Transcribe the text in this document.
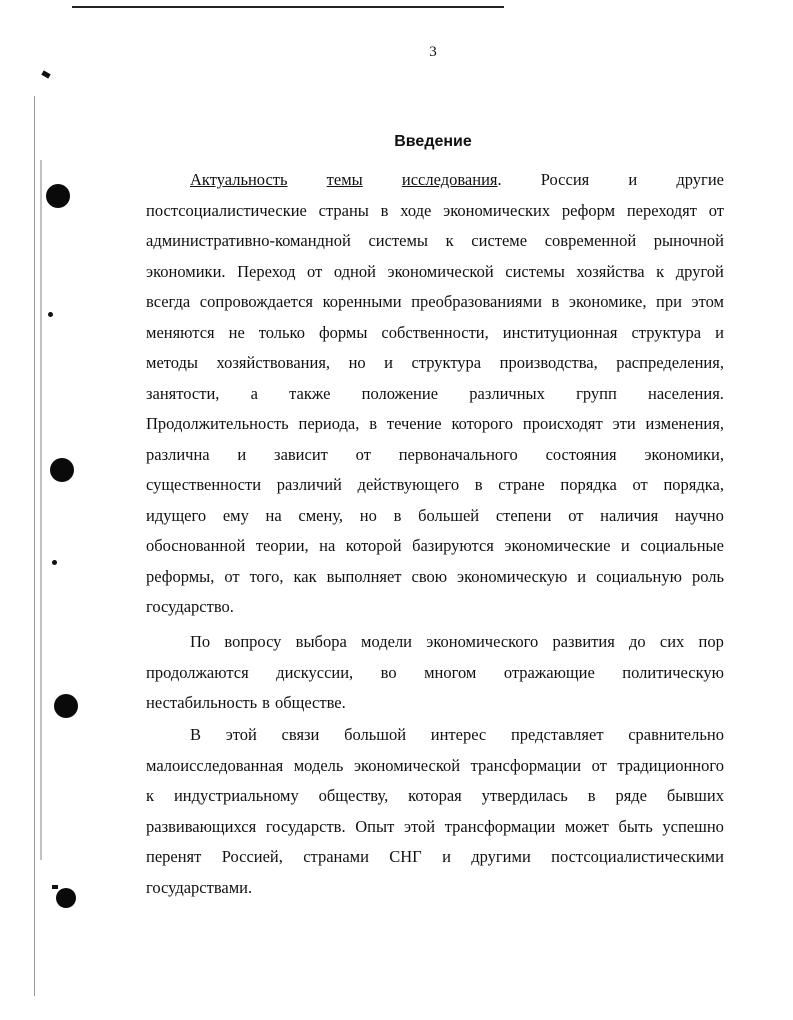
3
Введение
Актуальность темы исследования. Россия и другие
постсоциалистические страны в ходе экономических реформ переходят от
административно-командной системы к системе современной рыночной
экономики. Переход от одной экономической системы хозяйства к другой
всегда сопровождается коренными преобразованиями в экономике, при этом
меняются не только формы собственности, институционная структура и
методы хозяйствования, но и структура производства, распределения,
занятости, а также положение различных групп населения.
Продолжительность периода, в течение которого происходят эти изменения,
различна и зависит от первоначального состояния экономики,
существенности различий действующего в стране порядка от порядка,
идущего ему на смену, но в большей степени от наличия научно
обоснованной теории, на которой базируются экономические и социальные
реформы, от того, как выполняет свою экономическую и социальную роль
государство.
По вопросу выбора модели экономического развития до сих пор
продолжаются дискуссии, во многом отражающие политическую
нестабильность в обществе.
В этой связи большой интерес представляет сравнительно
малоисследованная модель экономической трансформации от традиционного
к индустриальному обществу, которая утвердилась в ряде бывших
развивающихся государств. Опыт этой трансформации может быть успешно
перенят Россией, странами СНГ и другими постсоциалистическими
государствами.
